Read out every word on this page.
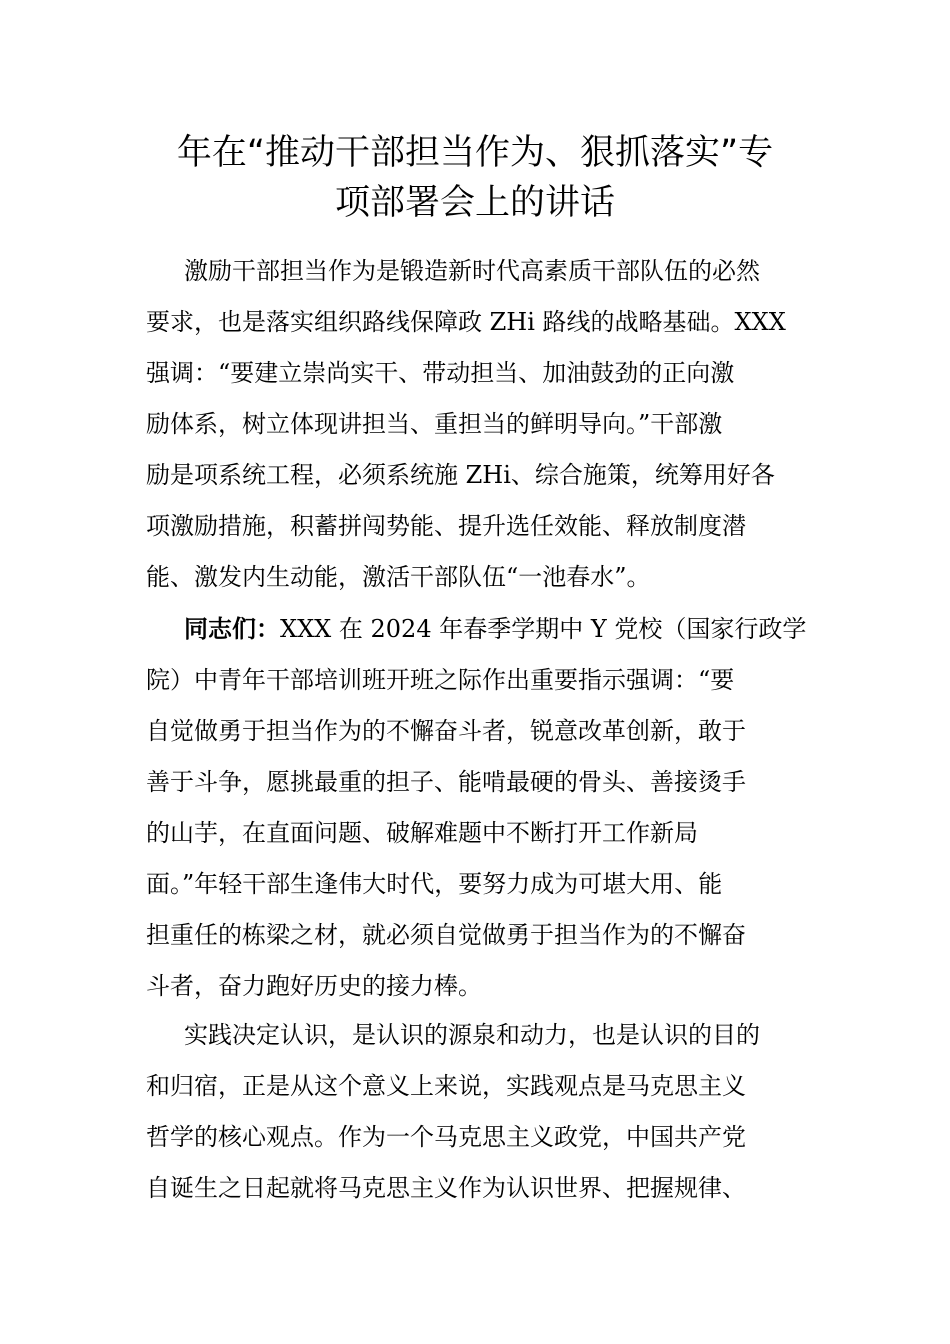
年在“推动干部担当作为、狠抓落实”专
项部署会上的讲话

激励干部担当作为是锻造新时代高素质干部队伍的必然
要求，也是落实组织路线保障政 ZHi 路线的战略基础。XXX
强调：“要建立崇尚实干、带动担当、加油鼓劲的正向激
励体系，树立体现讲担当、重担当的鲜明导向。”干部激
励是项系统工程，必须系统施 ZHi、综合施策，统筹用好各
项激励措施，积蓄拼闯势能、提升选任效能、释放制度潜
能、激发内生动能，激活干部队伍“一池春水”。

同志们：XXX 在 2024 年春季学期中 Y 党校（国家行政学
院）中青年干部培训班开班之际作出重要指示强调：“要
自觉做勇于担当作为的不懈奋斗者，锐意改革创新，敢于
善于斗争，愿挑最重的担子、能啃最硬的骨头、善接烫手
的山芋，在直面问题、破解难题中不断打开工作新局
面。”年轻干部生逢伟大时代，要努力成为可堪大用、能
担重任的栋梁之材，就必须自觉做勇于担当作为的不懈奋
斗者，奋力跑好历史的接力棒。

实践决定认识，是认识的源泉和动力，也是认识的目的
和归宿，正是从这个意义上来说，实践观点是马克思主义
哲学的核心观点。作为一个马克思主义政党，中国共产党
自诞生之日起就将马克思主义作为认识世界、把握规律、
